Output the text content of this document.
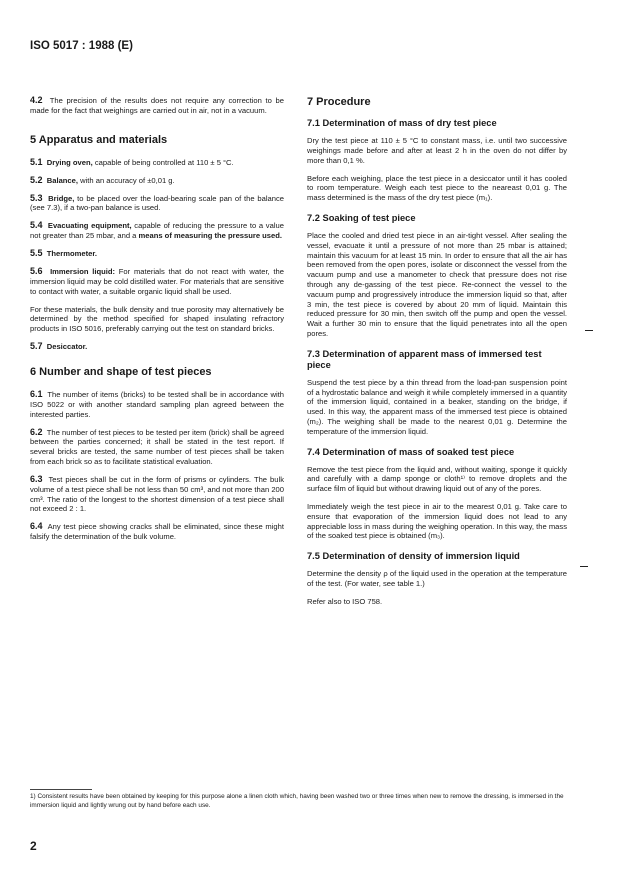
ISO 5017 : 1988 (E)

4.2 The precision of the results does not require any correction to be made for the fact that weighings are carried out in air, not in a vacuum.

5 Apparatus and materials

5.1 Drying oven, capable of being controlled at 110 ± 5 °C.

5.2 Balance, with an accuracy of ±0,01 g.

5.3 Bridge, to be placed over the load-bearing scale pan of the balance (see 7.3), if a two-pan balance is used.

5.4 Evacuating equipment, capable of reducing the pressure to a value not greater than 25 mbar, and a means of measuring the pressure used.

5.5 Thermometer.

5.6 Immersion liquid: For materials that do not react with water, the immersion liquid may be cold distilled water. For materials that are sensitive to contact with water, a suitable organic liquid shall be used.

For these materials, the bulk density and true porosity may alternatively be determined by the method specified for shaped insulating refractory products in ISO 5016, preferably carrying out the test on standard bricks.

5.7 Desiccator.

6 Number and shape of test pieces

6.1 The number of items (bricks) to be tested shall be in accordance with ISO 5022 or with another standard sampling plan agreed between the interested parties.

6.2 The number of test pieces to be tested per item (brick) shall be agreed between the parties concerned; it shall be stated in the test report. If several bricks are tested, the same number of test pieces shall be taken from each brick so as to facilitate statistical evaluation.

6.3 Test pieces shall be cut in the form of prisms or cylinders. The bulk volume of a test piece shall be not less than 50 cm³, and not more than 200 cm³. The ratio of the longest to the shortest dimension of a test piece shall not exceed 2 : 1.

6.4 Any test piece showing cracks shall be eliminated, since these might falsify the determination of the bulk volume.

7 Procedure
7.1 Determination of mass of dry test piece

Dry the test piece at 110 ± 5 °C to constant mass, i.e. until two successive weighings made before and after at least 2 h in the oven do not differ by more than 0,1 %.

Before each weighing, place the test piece in a desiccator until it has cooled to room temperature. Weigh each test piece to the neareast 0,01 g. The mass determined is the mass of the dry test piece (m₁).

7.2 Soaking of test piece

Place the cooled and dried test piece in an air-tight vessel. After sealing the vessel, evacuate it until a pressure of not more than 25 mbar is attained; maintain this vacuum for at least 15 min. In order to ensure that all the air has been removed from the open pores, isolate or disconnect the vessel from the vacuum pump and use a manometer to check that pressure does not rise through any de-gassing of the test piece. Re-connect the vessel to the vacuum pump and progressively introduce the immersion liquid so that, after 3 min, the test piece is covered by about 20 mm of liquid. Maintain this reduced pressure for 30 min, then switch off the pump and open the vessel. Wait a further 30 min to ensure that the liquid penetrates into all the open pores.

7.3 Determination of apparent mass of immersed test piece

Suspend the test piece by a thin thread from the load-pan suspension point of a hydrostatic balance and weigh it while completely immersed in a quantity of the immersion liquid, contained in a beaker, standing on the bridge, if used. In this way, the apparent mass of the immersed test piece is obtained (m₂). The weighing shall be made to the nearest 0,01 g. Determine the temperature of the immersion liquid.

7.4 Determination of mass of soaked test piece

Remove the test piece from the liquid and, without waiting, sponge it quickly and carefully with a damp sponge or cloth¹⁾ to remove droplets and the surface film of liquid but without drawing liquid out of any of the pores.

Immediately weigh the test piece in air to the mearest 0,01 g. Take care to ensure that evaporation of the immersion liquid does not lead to any appreciable loss in mass during the weighing operation. In this way, the mass of the soaked test piece is obtained (m₃).

7.5 Determination of density of immersion liquid

Determine the density ρ of the liquid used in the operation at the temperature of the test. (For water, see table 1.)

Refer also to ISO 758.

1) Consistent results have been obtained by keeping for this purpose alone a linen cloth which, having been washed two or three times when new to remove the dressing, is immersed in the immersion liquid and lightly wrung out by hand before each use.
2
